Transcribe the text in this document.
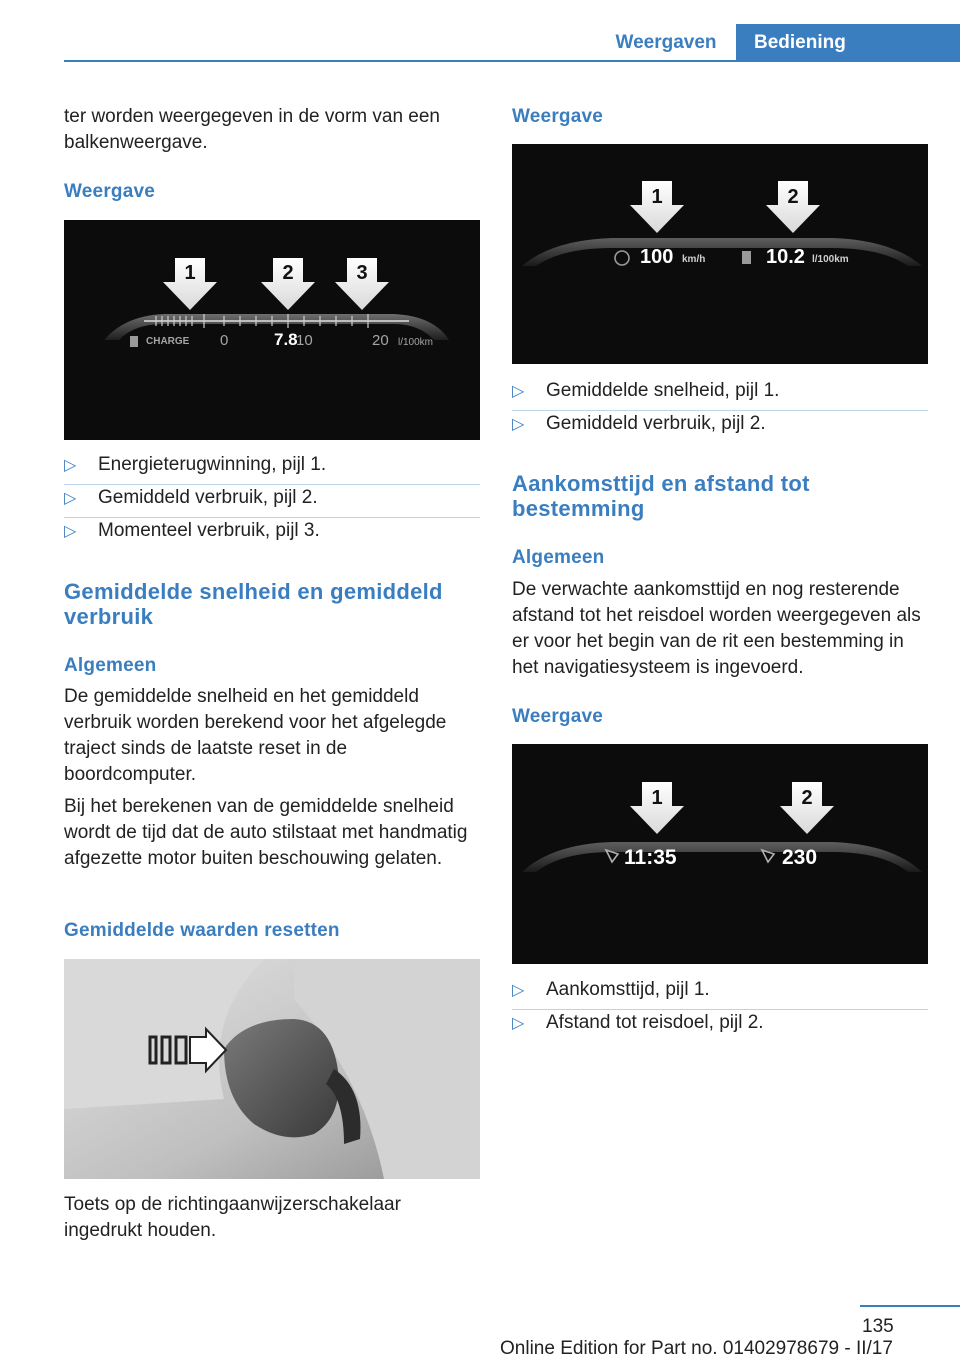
Weergaven	Bediening

ter worden weergegeven in de vorm van een balkenweergave.

Weergave
1	2	3
CHARGE 0	7.8
10	20 l/100km
▷ Energieterugwinning, pijl 1.
▷ Gemiddeld verbruik, pijl 2.
▷ Momenteel verbruik, pijl 3.
Gemiddelde snelheid en gemiddeld verbruik
Algemeen

De gemiddelde snelheid en het gemiddeld verbruik worden berekend voor het afgelegde traject sinds de laatste reset in de boordcomputer.

Bij het berekenen van de gemiddelde snelheid wordt de tijd dat de auto stilstaat met handmatig afgezette motor buiten beschouwing gelaten.

Gemiddelde waarden resetten

Toets op de richtingaanwijzerschakelaar ingedrukt houden.

Weergave
1	2
100 km/h	10.2 l/100km
▷ Gemiddelde snelheid, pijl 1.
▷ Gemiddeld verbruik, pijl 2.
Aankomsttijd en afstand tot bestemming
Algemeen

De verwachte aankomsttijd en nog resterende afstand tot het reisdoel worden weergegeven als er voor het begin van de rit een bestemming in het navigatiesysteem is ingevoerd.

Weergave
1	2
11:35	230
▷ Aankomsttijd, pijl 1.
▷ Afstand tot reisdoel, pijl 2.
135
Online Edition for Part no. 01402978679 - II/17
